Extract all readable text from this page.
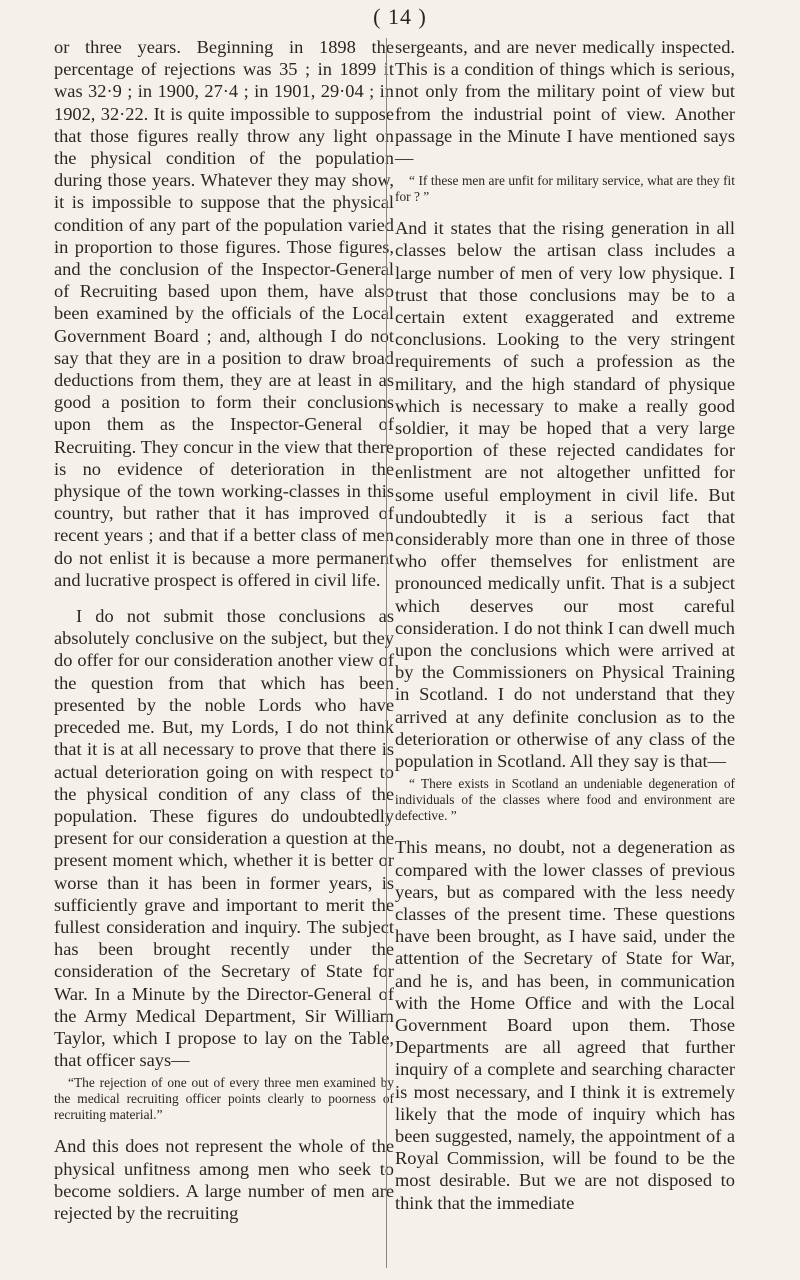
( 14 )

or three years. Beginning in 1898 the percentage of rejections was 35 ; in 1899 it was 32·9 ; in 1900, 27·4 ; in 1901, 29·04 ; in 1902, 32·22. It is quite impossible to suppose that those figures really throw any light on the physical condition of the population during those years. Whatever they may show, it is impossible to suppose that the physical condition of any part of the population varied in proportion to those figures. Those figures, and the conclusion of the Inspector-General of Recruiting based upon them, have also been examined by the officials of the Local Government Board ; and, although I do not say that they are in a position to draw broad deductions from them, they are at least in as good a position to form their conclusions upon them as the Inspector-General of Recruiting. They concur in the view that there is no evidence of deterioration in the physique of the town working-classes in this country, but rather that it has improved of recent years ; and that if a better class of men do not enlist it is because a more permanent and lucrative prospect is offered in civil life.

I do not submit those conclusions as absolutely conclusive on the subject, but they do offer for our consideration another view of the question from that which has been presented by the noble Lords who have preceded me. But, my Lords, I do not think that it is at all necessary to prove that there is actual deterioration going on with respect to the physical condition of any class of the population. These figures do undoubtedly present for our consideration a question at the present moment which, whether it is better or worse than it has been in former years, is sufficiently grave and important to merit the fullest consideration and inquiry. The subject has been brought recently under the consideration of the Secretary of State for War. In a Minute by the Director-General of the Army Medical Department, Sir William Taylor, which I propose to lay on the Table, that officer says—

“The rejection of one out of every three men examined by the medical recruiting officer points clearly to poorness of recruiting material.”

And this does not represent the whole of the physical unfitness among men who seek to become soldiers. A large number of men are rejected by the recruiting

sergeants, and are never medically inspected. This is a condition of things which is serious, not only from the military point of view but from the industrial point of view. Another passage in the Minute I have mentioned says—

“ If these men are unfit for military service, what are they fit for ? ”

And it states that the rising generation in all classes below the artisan class includes a large number of men of very low physique. I trust that those conclusions may be to a certain extent exaggerated and extreme conclusions. Looking to the very stringent requirements of such a profession as the military, and the high standard of physique which is necessary to make a really good soldier, it may be hoped that a very large proportion of these rejected candidates for enlistment are not altogether unfitted for some useful employment in civil life. But undoubtedly it is a serious fact that considerably more than one in three of those who offer themselves for enlistment are pronounced medically unfit. That is a subject which deserves our most careful consideration. I do not think I can dwell much upon the conclusions which were arrived at by the Commissioners on Physical Training in Scotland. I do not understand that they arrived at any definite conclusion as to the deterioration or otherwise of any class of the population in Scotland. All they say is that—

“ There exists in Scotland an undeniable degeneration of individuals of the classes where food and environment are defective. ”

This means, no doubt, not a degeneration as compared with the lower classes of previous years, but as compared with the less needy classes of the present time. These questions have been brought, as I have said, under the attention of the Secretary of State for War, and he is, and has been, in communication with the Home Office and with the Local Government Board upon them. Those Departments are all agreed that further inquiry of a complete and searching character is most necessary, and I think it is extremely likely that the mode of inquiry which has been suggested, namely, the appointment of a Royal Commission, will be found to be the most desirable. But we are not disposed to think that the immediate
